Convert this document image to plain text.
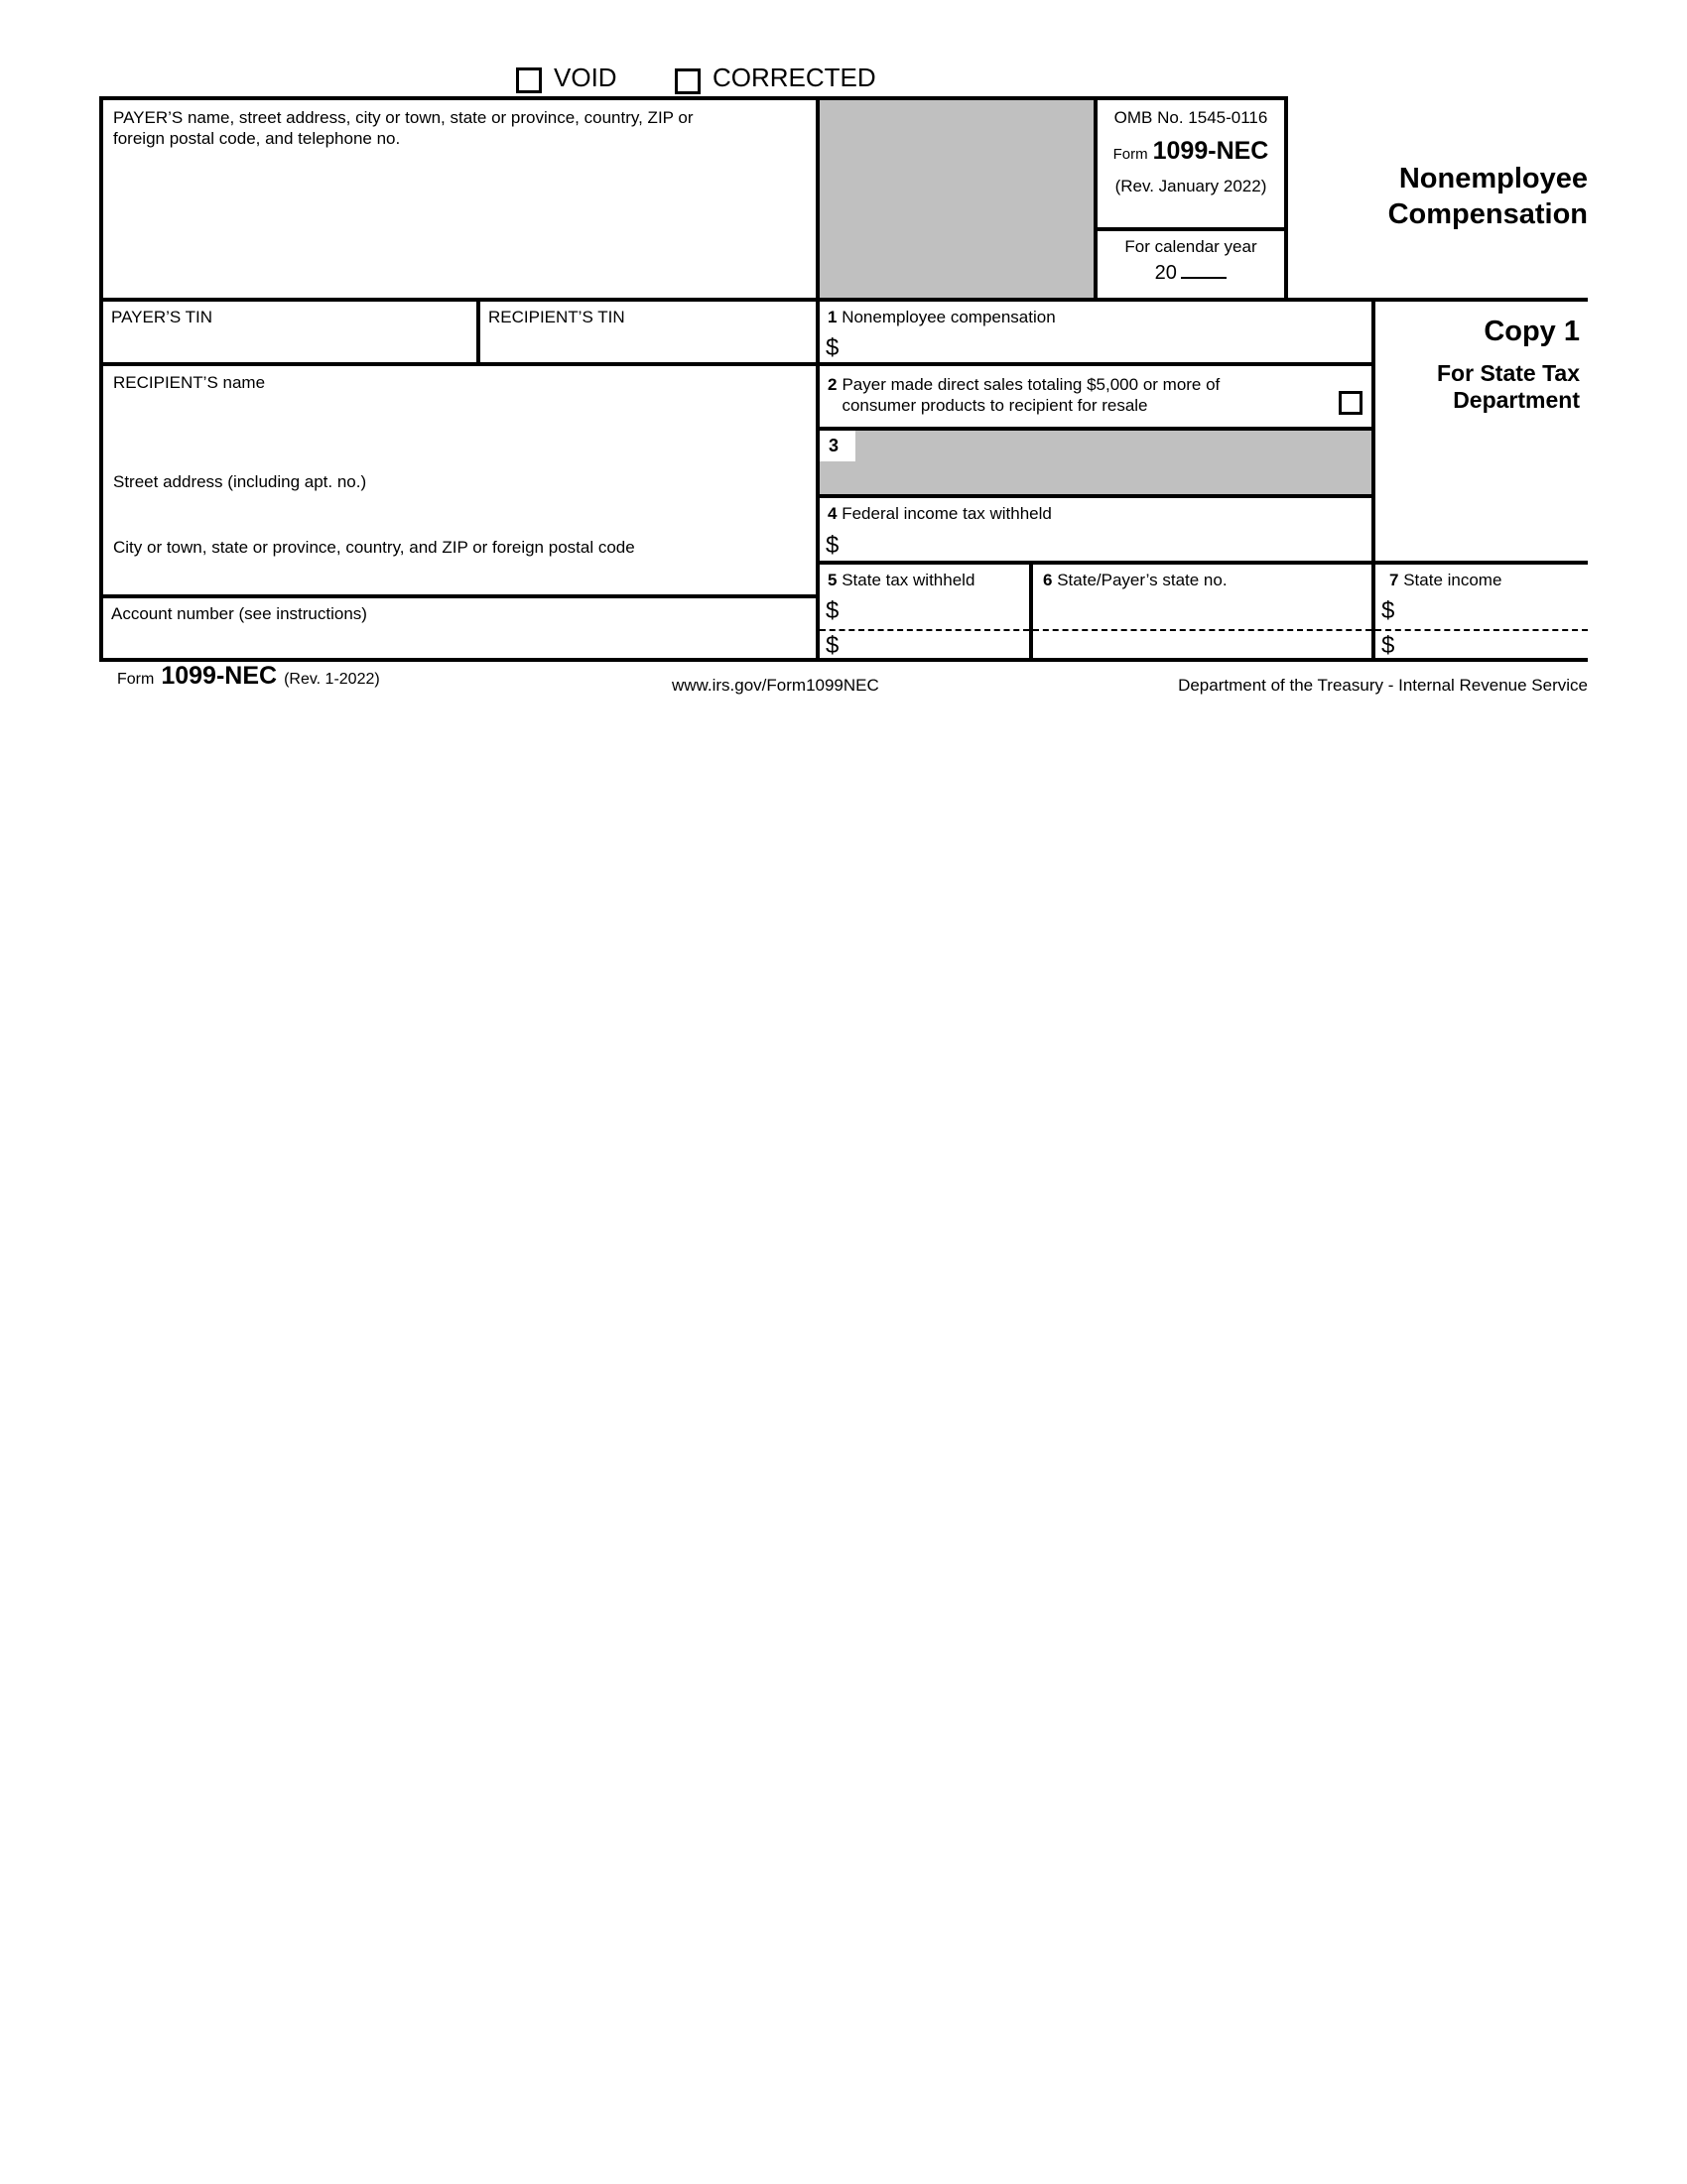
VOID	CORRECTED
PAYER’S name, street address, city or town, state or province, country, ZIP or foreign postal code, and telephone no.
OMB No. 1545-0116
Form 1099-NEC
(Rev. January 2022)
For calendar year
20
Nonemployee
Compensation
PAYER’S TIN	RECIPIENT’S TIN	1 Nonemployee compensation
$
2 Payer made direct sales totaling $5,000 or more of consumer products to recipient for resale
3
4 Federal income tax withheld
$
RECIPIENT’S name
Street address (including apt. no.)
City or town, state or province, country, and ZIP or foreign postal code
Account number (see instructions)
5 State tax withheld
$
$
6 State/Payer’s state no.
Copy 1
For State Tax
Department
7 State income
$
$
Form 1099-NEC (Rev. 1-2022)	www.irs.gov/Form1099NEC	Department of the Treasury - Internal Revenue Service
